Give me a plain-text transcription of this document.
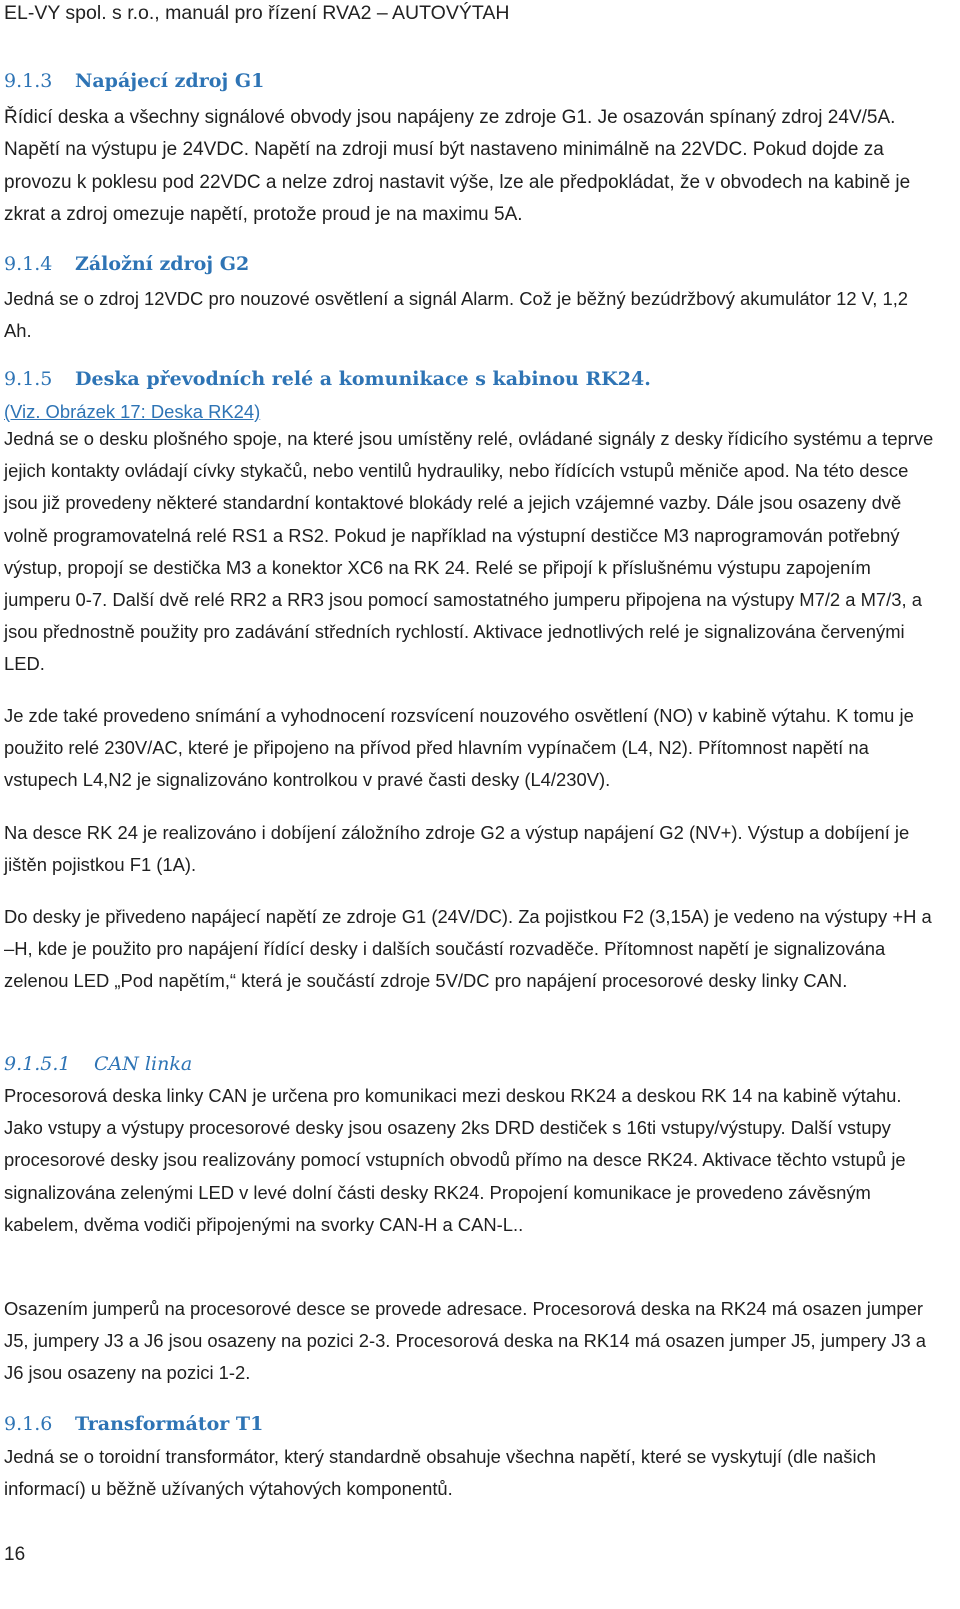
EL-VY spol. s r.o., manuál pro řízení RVA2 – AUTOVÝTAH
9.1.3 Napájecí zdroj G1

Řídicí deska a všechny signálové obvody jsou napájeny ze zdroje G1. Je osazován spínaný zdroj 24V/5A. Napětí na výstupu je 24VDC. Napětí na zdroji musí být nastaveno minimálně na 22VDC. Pokud dojde za provozu k poklesu pod 22VDC a nelze zdroj nastavit výše, lze ale předpokládat, že v obvodech na kabině je zkrat a zdroj omezuje napětí, protože proud je na maximu 5A.

9.1.4 Záložní zdroj G2

Jedná se o zdroj 12VDC pro nouzové osvětlení a signál Alarm. Což je běžný bezúdržbový akumulátor 12 V, 1,2 Ah.

9.1.5 Deska převodních relé a komunikace s kabinou RK24.
(Viz. Obrázek 17: Deska RK24)

Jedná se o desku plošného spoje, na které jsou umístěny relé, ovládané signály z desky řídicího systému a teprve jejich kontakty ovládají cívky stykačů, nebo ventilů hydrauliky, nebo řídících vstupů měniče apod. Na této desce jsou již provedeny některé standardní kontaktové blokády relé a jejich vzájemné vazby. Dále jsou osazeny dvě volně programovatelná relé RS1 a RS2. Pokud je například na výstupní destičce M3 naprogramován potřebný výstup, propojí se destička M3 a konektor XC6 na RK 24. Relé se připojí k příslušnému výstupu zapojením jumperu 0-7. Další dvě relé RR2 a RR3 jsou pomocí samostatného jumperu připojena na výstupy M7/2 a M7/3, a jsou přednostně použity pro zadávání středních rychlostí. Aktivace jednotlivých relé je signalizována červenými LED.

Je zde také provedeno snímání a vyhodnocení rozsvícení nouzového osvětlení (NO) v kabině výtahu. K tomu je použito relé 230V/AC, které je připojeno na přívod před hlavním vypínačem (L4, N2). Přítomnost napětí na vstupech L4,N2 je signalizováno kontrolkou v pravé časti desky (L4/230V).

Na desce RK 24 je realizováno i dobíjení záložního zdroje G2 a výstup napájení G2 (NV+). Výstup a dobíjení je jištěn pojistkou F1 (1A).

Do desky je přivedeno napájecí napětí ze zdroje G1 (24V/DC). Za pojistkou F2 (3,15A) je vedeno na výstupy +H a –H, kde je použito pro napájení řídící desky i dalších součástí rozvaděče. Přítomnost napětí je signalizována zelenou LED „Pod napětím,“ která je součástí zdroje 5V/DC pro napájení procesorové desky linky CAN.

9.1.5.1 CAN linka

Procesorová deska linky CAN je určena pro komunikaci mezi deskou RK24 a deskou RK 14 na kabině výtahu. Jako vstupy a výstupy procesorové desky jsou osazeny 2ks DRD destiček s 16ti vstupy/výstupy. Další vstupy procesorové desky jsou realizovány pomocí vstupních obvodů přímo na desce RK24. Aktivace těchto vstupů je signalizována zelenými LED v levé dolní části desky RK24. Propojení komunikace je provedeno závěsným kabelem, dvěma vodiči připojenými na svorky CAN-H a CAN-L..

Osazením jumperů na procesorové desce se provede adresace. Procesorová deska na RK24 má osazen jumper J5, jumpery J3 a J6 jsou osazeny na pozici 2-3. Procesorová deska na RK14 má osazen jumper J5, jumpery J3 a J6 jsou osazeny na pozici 1-2.

9.1.6 Transformátor T1

Jedná se o toroidní transformátor, který standardně obsahuje všechna napětí, které se vyskytují (dle našich informací) u běžně užívaných výtahových komponentů.

16
